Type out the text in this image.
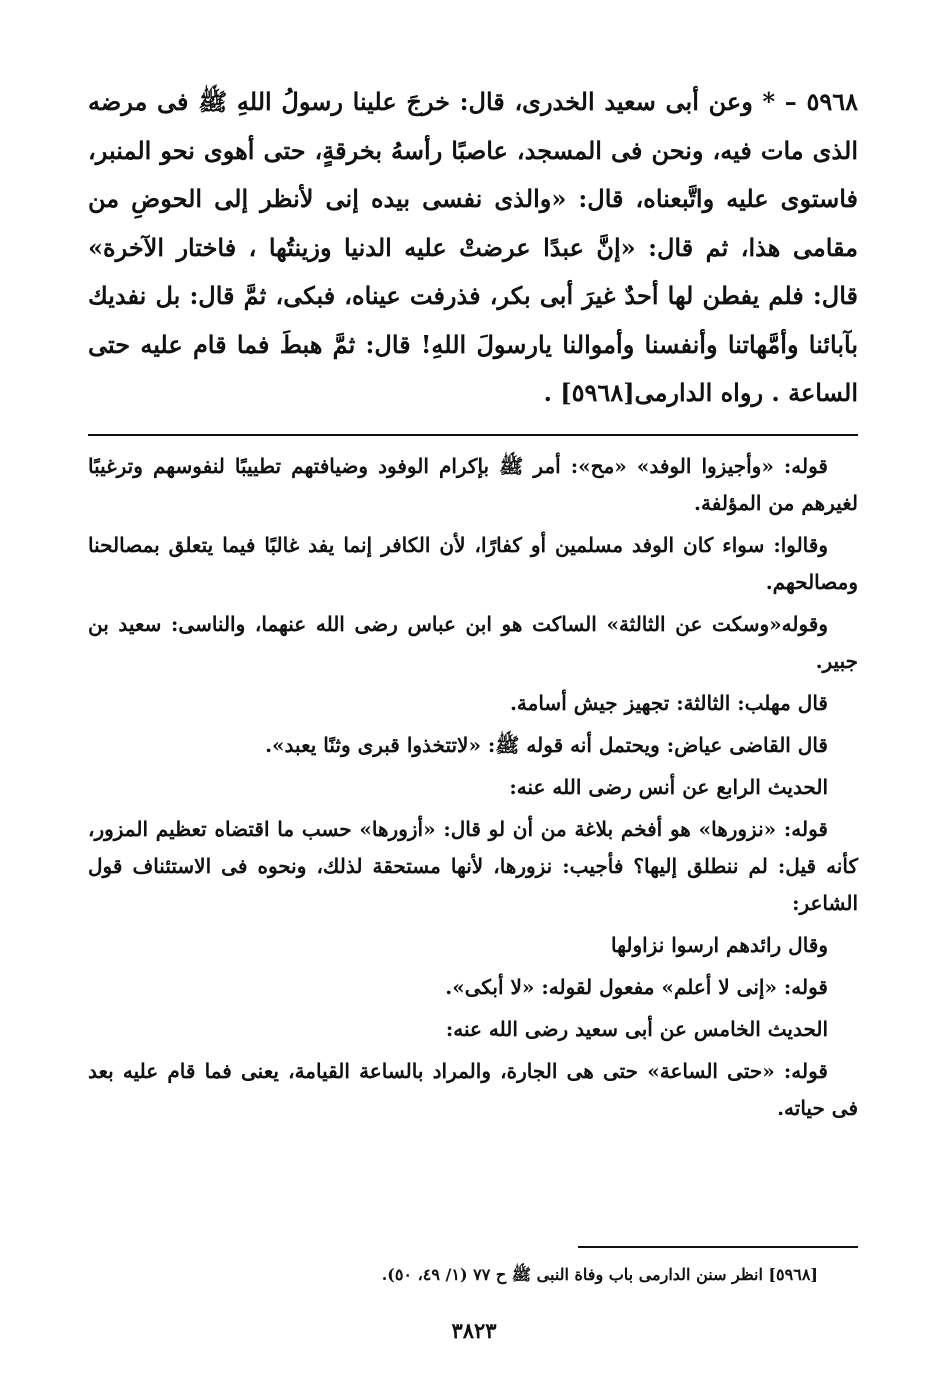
٥٩٦٨ – * وعن أبى سعيد الخدرى، قال: خرجَ علينا رسولُ اللهِ ﷺ فى مرضه الذى مات فيه، ونحن فى المسجد، عاصبًا رأسهُ بخرقةٍ، حتى أهوى نحو المنبر، فاستوى عليه واتَّبعناه، قال: «والذى نفسى بيده إنى لأنظر إلى الحوضِ من مقامى هذا، ثم قال: «إنَّ عبدًا عرضتْ عليه الدنيا وزينتُها ، فاختار الآخرة» قال: فلم يفطن لها أحدٌ غيرَ أبى بكر، فذرفت عيناه، فبكى، ثمَّ قال: بل نفديك بآبائنا وأمَّهاتنا وأنفسنا وأموالنا يارسولَ اللهِ! قال: ثمَّ هبطَ فما قام عليه حتى الساعة . رواه الدارمى[٥٩٦٨] .

قوله: «وأجيزوا الوفد» «مح»: أمر ﷺ بإكرام الوفود وضيافتهم تطييبًا لنفوسهم وترغيبًا لغيرهم من المؤلفة.

وقالوا: سواء كان الوفد مسلمين أو كفارًا، لأن الكافر إنما يفد غالبًا فيما يتعلق بمصالحنا ومصالحهم.

وقوله«وسكت عن الثالثة» الساكت هو ابن عباس رضى الله عنهما، والناسى: سعيد بن جبير.

قال مهلب: الثالثة: تجهيز جيش أسامة.

قال القاضى عياض: ويحتمل أنه قوله ﷺ: «لاتتخذوا قبرى وثنًا يعبد».

الحديث الرابع عن أنس رضى الله عنه:

قوله: «نزورها» هو أفخم بلاغة من أن لو قال: «أزورها» حسب ما اقتضاه تعظيم المزور، كأنه قيل: لم ننطلق إليها؟ فأجيب: نزورها، لأنها مستحقة لذلك، ونحوه فى الاستئناف قول الشاعر:

وقال رائدهم ارسوا نزاولها

قوله: «إنى لا أعلم» مفعول لقوله: «لا أبكى».

الحديث الخامس عن أبى سعيد رضى الله عنه:

قوله: «حتى الساعة» حتى هى الجارة، والمراد بالساعة القيامة، يعنى فما قام عليه بعد فى حياته.

[٥٩٦٨] انظر سنن الدارمى باب وفاة النبى ﷺ ح ٧٧ (١/ ٤٩، ٥٠).
٣٨٢٣
